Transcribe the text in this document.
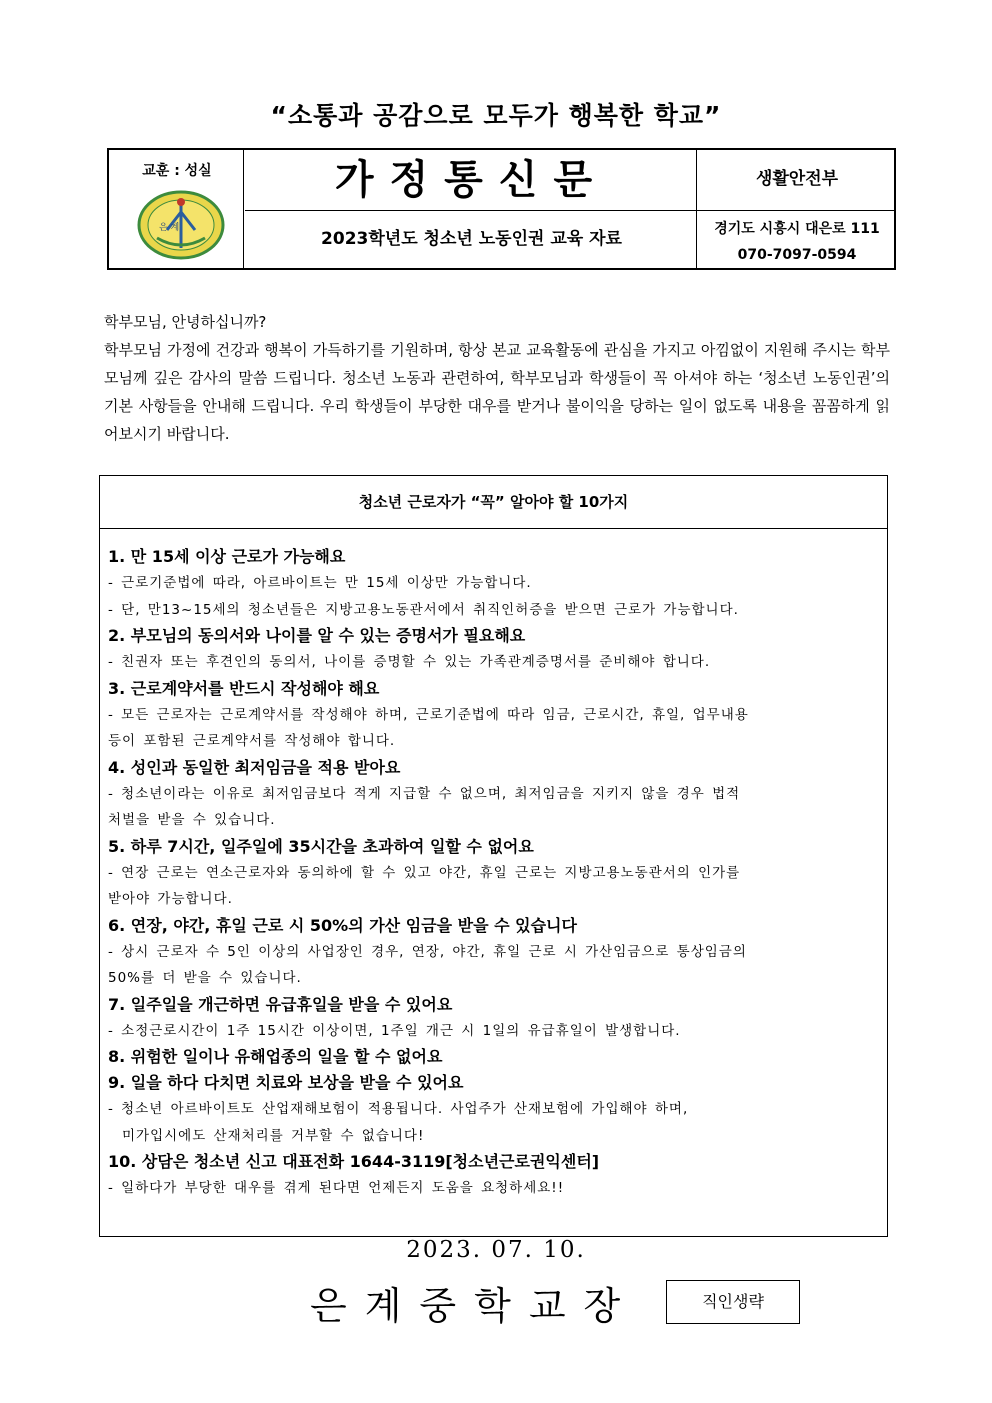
“소통과 공감으로 모두가 행복한 학교”
교훈 : 성실
은 계
가정통신문	생활안전부
2023학년도 청소년 노동인권 교육 자료	경기도 시흥시 대은로 111
070-7097-0594

학부모님, 안녕하십니까?

학부모님 가정에 건강과 행복이 가득하기를 기원하며, 항상 본교 교육활동에 관심을 가지고 아낌없이 지원해 주시는 학부모님께 깊은 감사의 말씀 드립니다. 청소년 노동과 관련하여, 학부모님과 학생들이 꼭 아셔야 하는 ‘청소년 노동인권’의 기본 사항들을 안내해 드립니다. 우리 학생들이 부당한 대우를 받거나 불이익을 당하는 일이 없도록 내용을 꼼꼼하게 읽어보시기 바랍니다.

청소년 근로자가 “꼭” 알아야 할 10가지

1. 만 15세 이상 근로가 가능해요

- 근로기준법에 따라, 아르바이트는 만 15세 이상만 가능합니다.

- 단, 만13~15세의 청소년들은 지방고용노동관서에서 취직인허증을 받으면 근로가 가능합니다.

2. 부모님의 동의서와 나이를 알 수 있는 증명서가 필요해요

- 친권자 또는 후견인의 동의서, 나이를 증명할 수 있는 가족관계증명서를 준비해야 합니다.

3. 근로계약서를 반드시 작성해야 해요

- 모든 근로자는 근로계약서를 작성해야 하며, 근로기준법에 따라 임금, 근로시간, 휴일, 업무내용

등이 포함된 근로계약서를 작성해야 합니다.

4. 성인과 동일한 최저임금을 적용 받아요

- 청소년이라는 이유로 최저임금보다 적게 지급할 수 없으며, 최저임금을 지키지 않을 경우 법적

처벌을 받을 수 있습니다.

5. 하루 7시간, 일주일에 35시간을 초과하여 일할 수 없어요

- 연장 근로는 연소근로자와 동의하에 할 수 있고 야간, 휴일 근로는 지방고용노동관서의 인가를

받아야 가능합니다.

6. 연장, 야간, 휴일 근로 시 50%의 가산 임금을 받을 수 있습니다

- 상시 근로자 수 5인 이상의 사업장인 경우, 연장, 야간, 휴일 근로 시 가산임금으로 통상임금의

50%를 더 받을 수 있습니다.

7. 일주일을 개근하면 유급휴일을 받을 수 있어요

- 소정근로시간이 1주 15시간 이상이면, 1주일 개근 시 1일의 유급휴일이 발생합니다.

8. 위험한 일이나 유해업종의 일을 할 수 없어요

9. 일을 하다 다치면 치료와 보상을 받을 수 있어요

- 청소년 아르바이트도 산업재해보험이 적용됩니다. 사업주가 산재보험에 가입해야 하며,

미가입시에도 산재처리를 거부할 수 없습니다!

10. 상담은 청소년 신고 대표전화 1644-3119[청소년근로권익센터]

- 일하다가 부당한 대우를 겪게 된다면 언제든지 도움을 요청하세요!!

2023. 07. 10.
은계중학교장	직인생략
